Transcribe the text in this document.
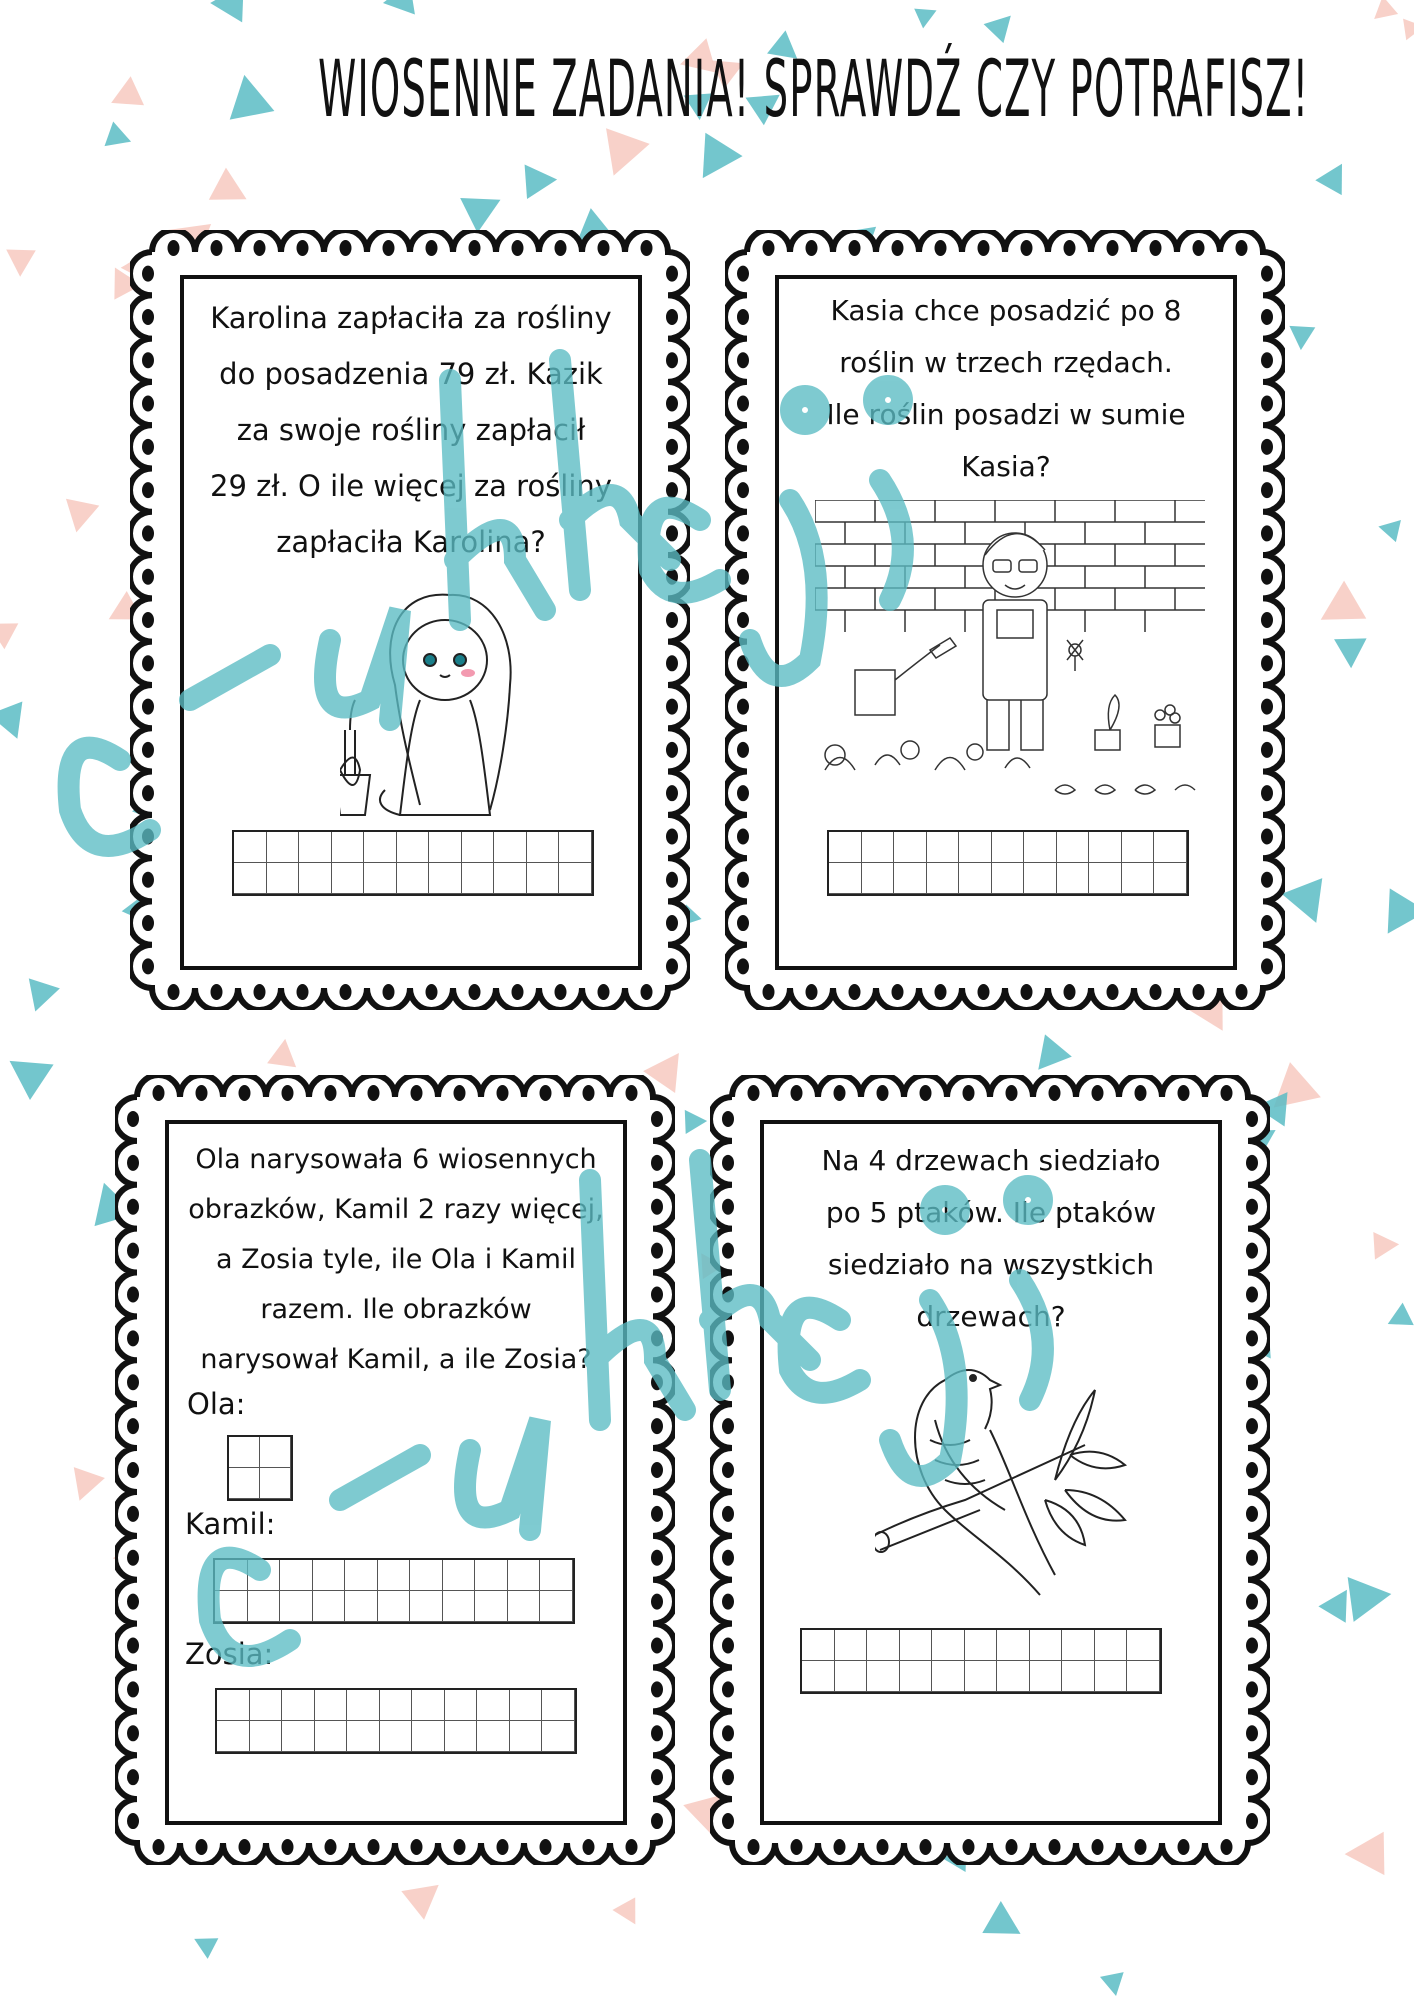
WIOSENNE ZADANIA! SPRAWDŹ CZY POTRAFISZ!
Karolina zapłaciła za rośliny
do posadzenia 79 zł. Kazik
za swoje rośliny zapłacił
29 zł. O ile więcej za rośliny
zapłaciła Karolina?
Kasia chce posadzić po 8
roślin w trzech rzędach.
Ile roślin posadzi w sumie
Kasia?
Ola narysowała 6 wiosennych
obrazków, Kamil 2 razy więcej,
a Zosia tyle, ile Ola i Kamil
razem. Ile obrazków
narysował Kamil, a ile Zosia?
Ola:
Kamil:
Zosia:
Na 4 drzewach siedziało
po 5 ptaków. Ile ptaków
siedziało na wszystkich
drzewach?
